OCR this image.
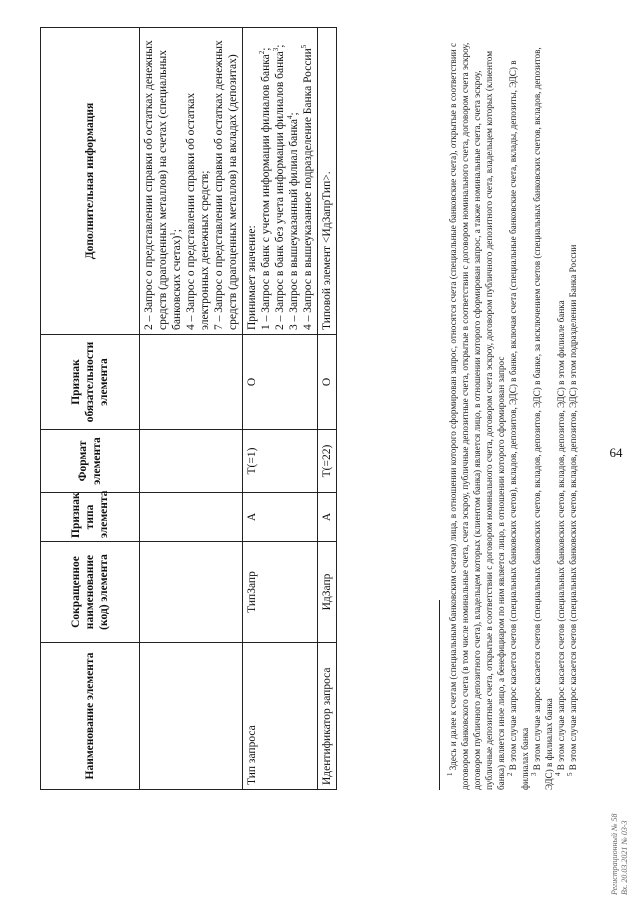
64
Наименование элемента	Сокращенное наименование (код) элемента	Признак типа элемента	Формат элемента	Признак обязательности элемента	Дополнительная информация

					2 – Запрос о представлении справки об остатках денежных средств (драгоценных металлов) на счетах (специальных банковских счетах)$^1$; 4 – Запрос о представлении справки об остатках электронных денежных средств; 7 – Запрос о представлении справки об остатках денежных средств (драгоценных металлов) на вкладах (депозитах)

Тип запроса	ТипЗапр	А	Т(=1)	О	Принимает значение: 1 – Запрос в банк с учетом информации филиалов банка$^2$;
2 – Запрос в банк без учета информации филиалов банка$^3$;
3 – Запрос в вышеуказанный филиал банка$^4$; 4 – Запрос в вышеуказанное подразделение Банка России$^5$

Идентификатор запроса	ИдЗапр	А	Т(=22)	О	Типовой элемент <ИдЗапрТип>.

$^1$ Здесь и далее к счетам (специальным банковским счетам) лица, в отношении которого сформирован запрос, относятся счета (специальные банковские счета), открытые в соответствии с договором банковского счета (в том числе номинальные счета, счета эскроу, публичные депозитные счета, открытые в соответствии с договором номинального счета, договором счета эскроу, договором публичного депозитного счета), владельцем которых (клиентом банка) является лицо, в отношении которого сформирован запрос, а также номинальные счета, счета эскроу, публичные депозитные счета, открытые в соответствии с договором номинального счета, договором счета эскроу, договором публичного депозитного счета, владельцем которых (клиентом банка) является иное лицо, а бенефициаром по ним является лицо, в отношении которого сформирован запрос $^2$ В этом случае запрос касается счетов (специальных банковских счетов), вкладов, депозитов, ЭДС) в банке, включая счета (специальные банковские счета, вклады, депозиты, ЭДС) в филиалах банка $^3$ В этом случае запрос касается счетов (специальных банковских счетов, вкладов, депозитов, ЭДС) в банке, за исключением счетов (специальных банковских счетов, вкладов, депозитов, ЭДС) в филиалах банка $^4$ В этом случае запрос касается счетов (специальных банковских счетов, вкладов, депозитов, ЭДС) в этом филиале банка

$^5$ В этом случае запрос касается счетов (специальных банковских счетов, вкладов, депозитов, ЭДС) в этом подразделении Банка России

Регистрационный № 58 Вх. 20.03.2021 № 03-3
